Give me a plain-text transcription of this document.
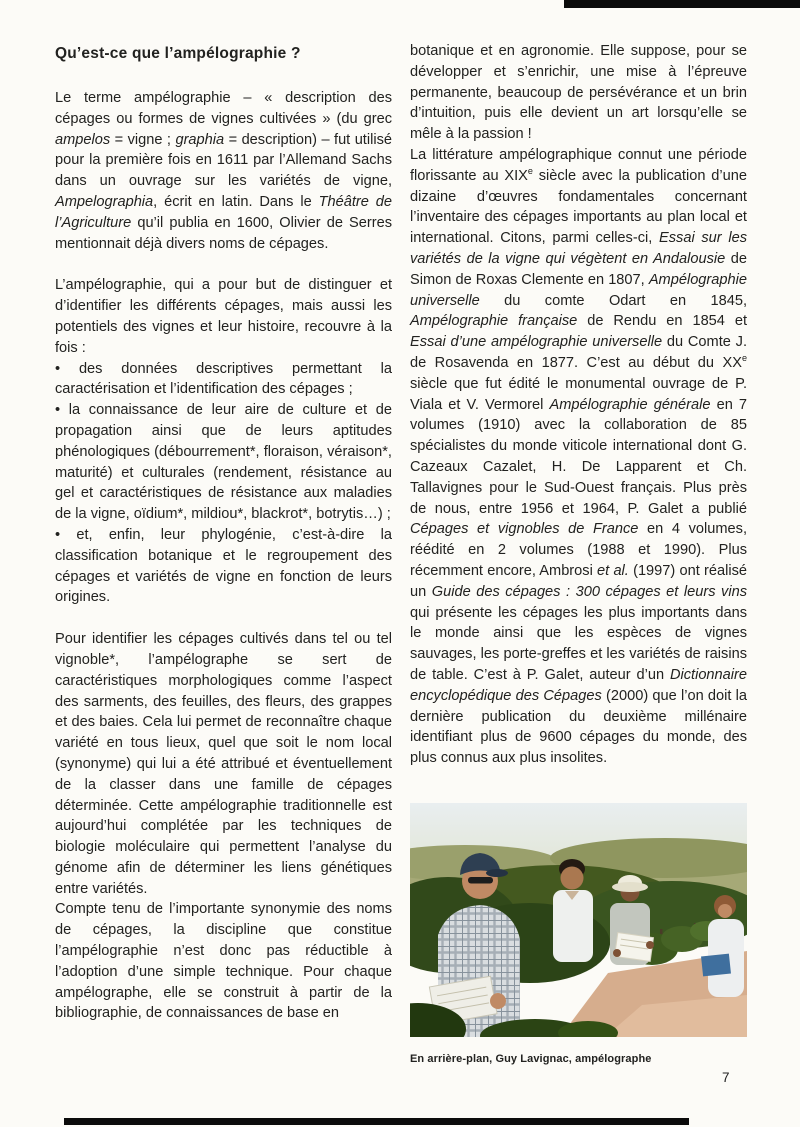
Qu’est-ce que l’ampélographie ?

Le terme ampélographie – « description des cépages ou formes de vignes cultivées » (du grec ampelos = vigne ; graphia = description) – fut utilisé pour la première fois en 1611 par l’Allemand Sachs dans un ouvrage sur les variétés de vigne, Ampelographia, écrit en latin. Dans le Théâtre de l’Agriculture qu’il publia en 1600, Olivier de Serres mentionnait déjà divers noms de cépages.

L’ampélographie, qui a pour but de distinguer et d’identifier les différents cépages, mais aussi les potentiels des vignes et leur histoire, recouvre à la fois :

• des données descriptives permettant la caractérisation et l’identification des cépages ;

• la connaissance de leur aire de culture et de propagation ainsi que de leurs aptitudes phénologiques (débourrement*, floraison, véraison*, maturité) et culturales (rendement, résistance au gel et caractéristiques de résistance aux maladies de la vigne, oïdium*, mildiou*, blackrot*, botrytis…) ;

• et, enfin, leur phylogénie, c’est-à-dire la classification botanique et le regroupement des cépages et variétés de vigne en fonction de leurs origines.

Pour identifier les cépages cultivés dans tel ou tel vignoble*, l’ampélographe se sert de caractéristiques morphologiques comme l’aspect des sarments, des feuilles, des fleurs, des grappes et des baies. Cela lui permet de reconnaître chaque variété en tous lieux, quel que soit le nom local (synonyme) qui lui a été attribué et éventuellement de la classer dans une famille de cépages déterminée. Cette ampélographie traditionnelle est aujourd’hui complétée par les techniques de biologie moléculaire qui permettent l’analyse du génome afin de déterminer les liens génétiques entre variétés.

Compte tenu de l’importante synonymie des noms de cépages, la discipline que constitue l’ampélographie n’est donc pas réductible à l’adoption d’une simple technique. Pour chaque ampélographe, elle se construit à partir de la bibliographie, de connaissances de base en

botanique et en agronomie. Elle suppose, pour se développer et s’enrichir, une mise à l’épreuve permanente, beaucoup de persévérance et un brin d’intuition, puis elle devient un art lorsqu’elle se mêle à la passion !

La littérature ampélographique connut une période florissante au XIXe siècle avec la publication d’une dizaine d’œuvres fondamentales concernant l’inventaire des cépages importants au plan local et international. Citons, parmi celles-ci, Essai sur les variétés de la vigne qui végètent en Andalousie de Simon de Roxas Clemente en 1807, Ampélographie universelle du comte Odart en 1845, Ampélographie française de Rendu en 1854 et Essai d’une ampélographie universelle du Comte J. de Rosavenda en 1877. C’est au début du XXe siècle que fut édité le monumental ouvrage de P. Viala et V. Vermorel Ampélographie générale en 7 volumes (1910) avec la collaboration de 85 spécialistes du monde viticole international dont G. Cazeaux Cazalet, H. De Lapparent et Ch. Tallavignes pour le Sud-Ouest français. Plus près de nous, entre 1956 et 1964, P. Galet a publié Cépages et vignobles de France en 4 volumes, réédité en 2 volumes (1988 et 1990). Plus récemment encore, Ambrosi et al. (1997) ont réalisé un Guide des cépages : 300 cépages et leurs vins qui présente les cépages les plus importants dans le monde ainsi que les espèces de vignes sauvages, les porte-greffes et les variétés de raisins de table. C’est à P. Galet, auteur d’un Dictionnaire encyclopédique des Cépages (2000) que l’on doit la dernière publication du deuxième millénaire identifiant plus de 9600 cépages du monde, des plus connus aux plus insolites.

En arrière-plan, Guy Lavignac, ampélographe
7
